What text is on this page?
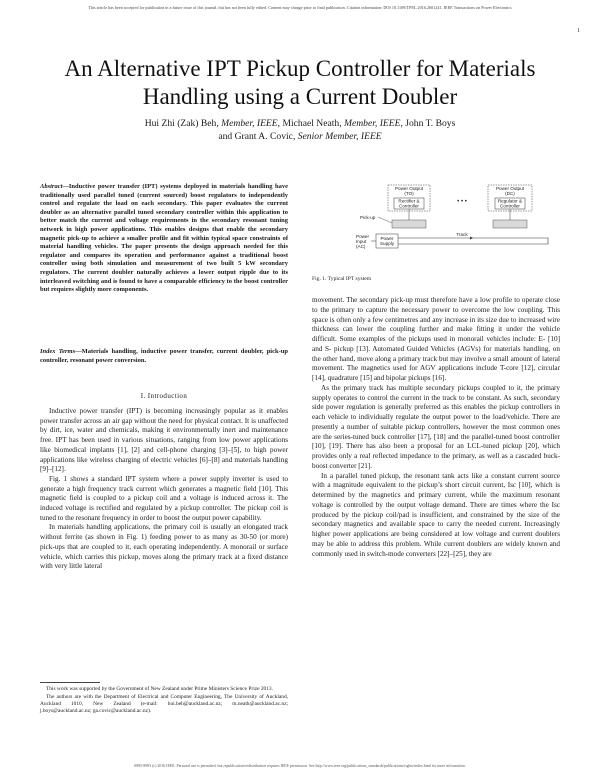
This article has been accepted for publication in a future issue of this journal, but has not been fully edited. Content may change prior to final publication. Citation information: DOI 10.1109/TPEL.2016.2601241, IEEE Transactions on Power Electronics
1
An Alternative IPT Pickup Controller for Materials Handling using a Current Doubler
Hui Zhi (Zak) Beh, Member, IEEE, Michael Neath, Member, IEEE, John T. Boys
and Grant A. Covic, Senior Member, IEEE
Abstract—Inductive power transfer (IPT) systems deployed in materials handling have traditionally used parallel tuned (current sourced) boost regulators to independently control and regulate the load on each secondary. This paper evaluates the current doubler as an alternative parallel tuned secondary controller within this application to better match the current and voltage requirements in the secondary resonant tuning network in high power applications. This enables designs that enable the secondary magnetic pick-up to achieve a smaller profile and fit within typical space constraints of material handling vehicles. The paper presents the design approach needed for this regulator and compares its operation and performance against a traditional boost controller using both simulation and measurement of two built 5 kW secondary regulators. The current doubler naturally achieves a lower output ripple due to its interleaved switching and is found to have a comparable efficiency to the boost controller but requires slightly more components.
Index Terms—Materials handling, inductive power transfer, current doubler, pick-up controller, resonant power conversion.
I. Introduction

Inductive power transfer (IPT) is becoming increasingly popular as it enables power transfer across an air gap without the need for physical contact. It is unaffected by dirt, ice, water and chemicals, making it environmentally inert and maintenance free. IPT has been used in various situations, ranging from low power applications like biomedical implants [1], [2] and cell-phone charging [3]–[5], to high power applications like wireless charging of electric vehicles [6]–[8] and materials handling [9]–[12].

Fig. 1 shows a standard IPT system where a power supply inverter is used to generate a high frequency track current which generates a magnetic field [10]. This magnetic field is coupled to a pickup coil and a voltage is induced across it. The induced voltage is rectified and regulated by a pickup controller. The pickup coil is tuned to the resonant frequency in order to boost the output power capability.

In materials handling applications, the primary coil is usually an elongated track without ferrite (as shown in Fig. 1) feeding power to as many as 30-50 (or more) pick-ups that are coupled to it, each operating independently. A monorail or surface vehicle, which carries this pickup, moves along the primary track at a fixed distance with very little lateral

This work was supported by the Government of New Zealand under Prime Ministers Science Prize 2013.

The authors are with the Department of Electrical and Computer Engineering, The University of Auckland, Auckland 1010, New Zealand (e-mail: hui.beh@auckland.ac.nz; m.neath@auckland.ac.nz; j.boys@auckland.ac.nz; ga.covic@auckland.ac.nz).

Power Output
(TO)
Rectifier &
Controller
• • •
Power Output
(DC)
Regulator &
Controller
Pick-up
Power
Input
(AC)
Power
Supply
Track
Fig. 1. Typical IPT system

movement. The secondary pick-up must therefore have a low profile to operate close to the primary to capture the necessary power to overcome the low coupling. This space is often only a few centimetres and any increase in its size due to increased wire thickness can lower the coupling further and make fitting it under the vehicle difficult. Some examples of the pickups used in monorail vehicles include: E- [10] and S- pickup [13]. Automated Guided Vehicles (AGVs) for materials handling, on the other hand, move along a primary track but may involve a small amount of lateral movement. The magnetics used for AGV applications include T-core [12], circular [14], quadrature [15] and bipolar pickups [16].

As the primary track has multiple secondary pickups coupled to it, the primary supply operates to control the current in the track to be constant. As such, secondary side power regulation is generally preferred as this enables the pickup controllers in each vehicle to individually regulate the output power to the load/vehicle. There are presently a number of suitable pickup controllers, however the most common ones are the series-tuned buck controller [17], [18] and the parallel-tuned boost controller [10], [19]. There has also been a proposal for an LCL-tuned pickup [20], which provides only a real reflected impedance to the primary, as well as a cascaded buck-boost converter [21].

In a parallel tuned pickup, the resonant tank acts like a constant current source with a magnitude equivalent to the pickup’s short circuit current, Isc [10], which is determined by the magnetics and primary current, while the maximum resonant voltage is controlled by the output voltage demand. There are times where the Isc produced by the pickup coil/pad is insufficient, and constrained by the size of the secondary magnetics and available space to carry the needed current. Increasingly higher power applications are being considered at low voltage and current doublers may be able to address this problem. While current doublers are widely known and commonly used in switch-mode converters [22]–[25], they are

0885-8993 (c) 2016 IEEE. Personal use is permitted, but republication/redistribution requires IEEE permission. See http://www.ieee.org/publications_standards/publications/rights/index.html for more information.
